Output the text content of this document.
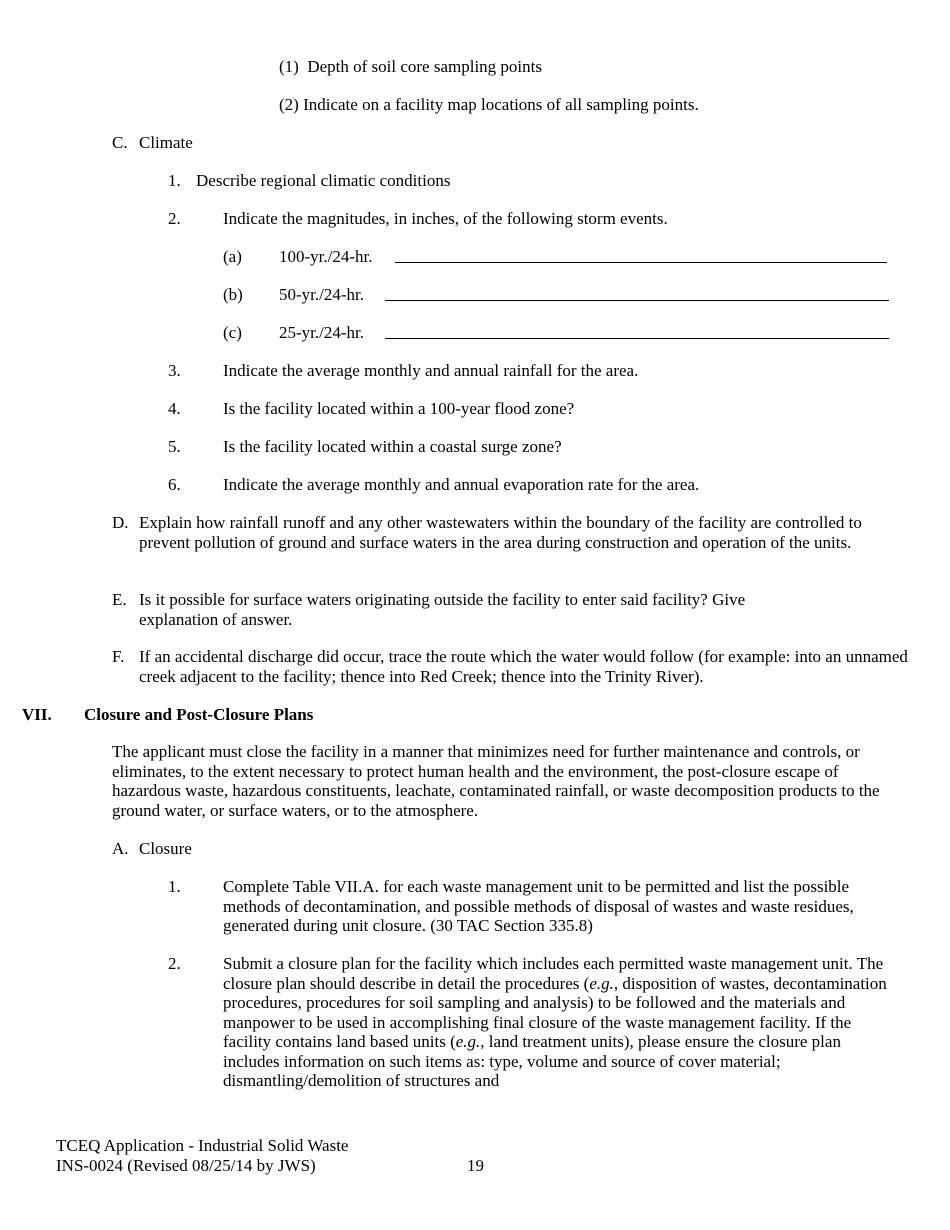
(1) Depth of soil core sampling points

(2) Indicate on a facility map locations of all sampling points.

C. Climate

1. Describe regional climatic conditions

2. Indicate the magnitudes, in inches, of the following storm events.

(a) 100-yr./24-hr.

(b) 50-yr./24-hr.

(c) 25-yr./24-hr.

3. Indicate the average monthly and annual rainfall for the area.

4. Is the facility located within a 100-year flood zone?

5. Is the facility located within a coastal surge zone?

6. Indicate the average monthly and annual evaporation rate for the area.

D. Explain how rainfall runoff and any other wastewaters within the boundary of the facility are controlled to prevent pollution of ground and surface waters in the area during construction and operation of the units.

E. Is it possible for surface waters originating outside the facility to enter said facility? Give explanation of answer.

F. If an accidental discharge did occur, trace the route which the water would follow (for example: into an unnamed creek adjacent to the facility; thence into Red Creek; thence into the Trinity River).

VII. Closure and Post-Closure Plans

The applicant must close the facility in a manner that minimizes need for further maintenance and controls, or eliminates, to the extent necessary to protect human health and the environment, the post-closure escape of hazardous waste, hazardous constituents, leachate, contaminated rainfall, or waste decomposition products to the ground water, or surface waters, or to the atmosphere.

A. Closure

1. Complete Table VII.A. for each waste management unit to be permitted and list the possible methods of decontamination, and possible methods of disposal of wastes and waste residues, generated during unit closure. (30 TAC Section 335.8)

2. Submit a closure plan for the facility which includes each permitted waste management unit. The closure plan should describe in detail the procedures (e.g., disposition of wastes, decontamination procedures, procedures for soil sampling and analysis) to be followed and the materials and manpower to be used in accomplishing final closure of the waste management facility. If the facility contains land based units (e.g., land treatment units), please ensure the closure plan includes information on such items as: type, volume and source of cover material; dismantling/demolition of structures and

TCEQ Application - Industrial Solid Waste

INS-0024 (Revised 08/25/14 by JWS)	19
